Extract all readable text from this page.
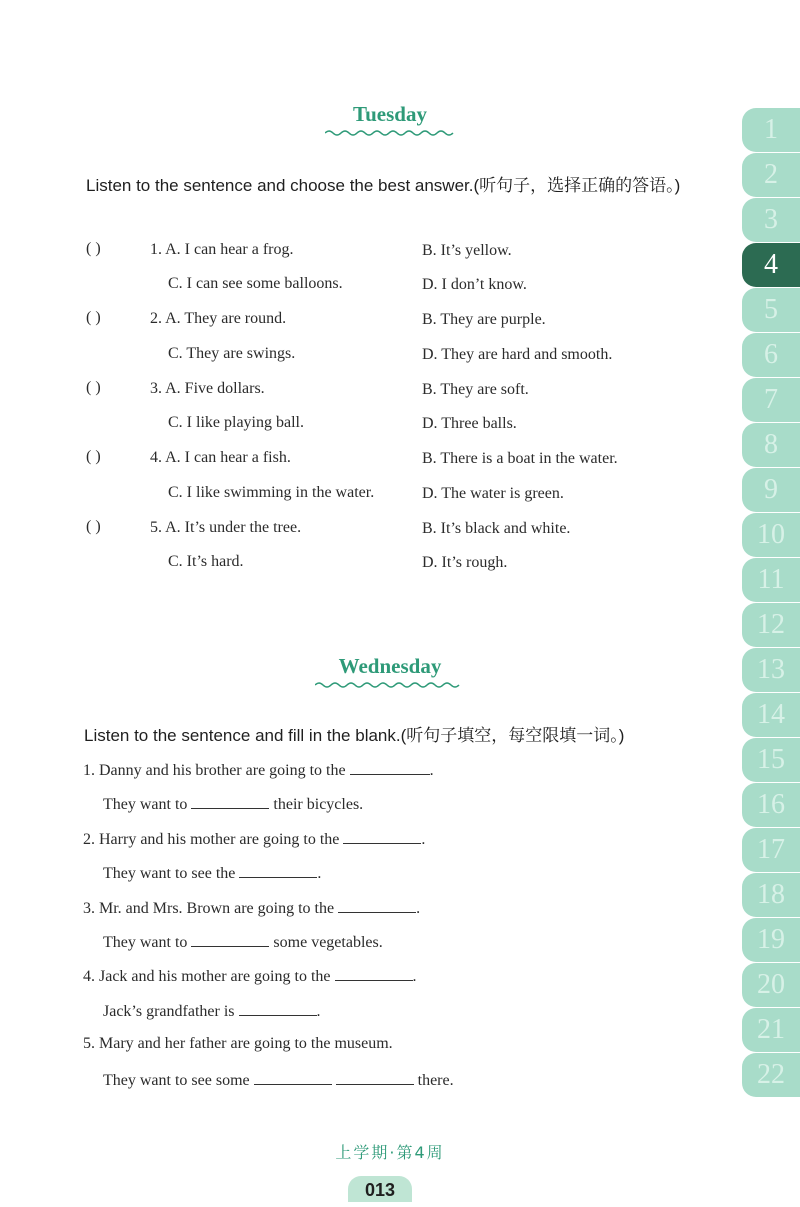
Tuesday
Listen to the sentence and choose the best answer.(听句子，选择正确的答语。)
( )	1. A. I can hear a frog.	B. It’s yellow.
C. I can see some balloons.	D. I don’t know.
( )	2. A. They are round.	B. They are purple.
C. They are swings.	D. They are hard and smooth.
( )	3. A. Five dollars.	B. They are soft.
C. I like playing ball.	D. Three balls.
( )	4. A. I can hear a fish.	B. There is a boat in the water.
C. I like swimming in the water.	D. The water is green.
( )	5. A. It’s under the tree.	B. It’s black and white.
C. It’s hard.	D. It’s rough.
Wednesday
Listen to the sentence and fill in the blank.(听句子填空，每空限填一词。)
1. Danny and his brother are going to the	.
They want to	their bicycles.
2. Harry and his mother are going to the	.
They want to see the	.
3. Mr. and Mrs. Brown are going to the	.
They want to	some vegetables.
4. Jack and his mother are going to the	.
Jack’s grandfather is	.
5. Mary and her father are going to the museum.
They want to see some	there.
1
2
3
4
5
6
7
8
9
10
11
12
13
14
15
16
17
18
19
20
21
22
上学期·第4周
013
